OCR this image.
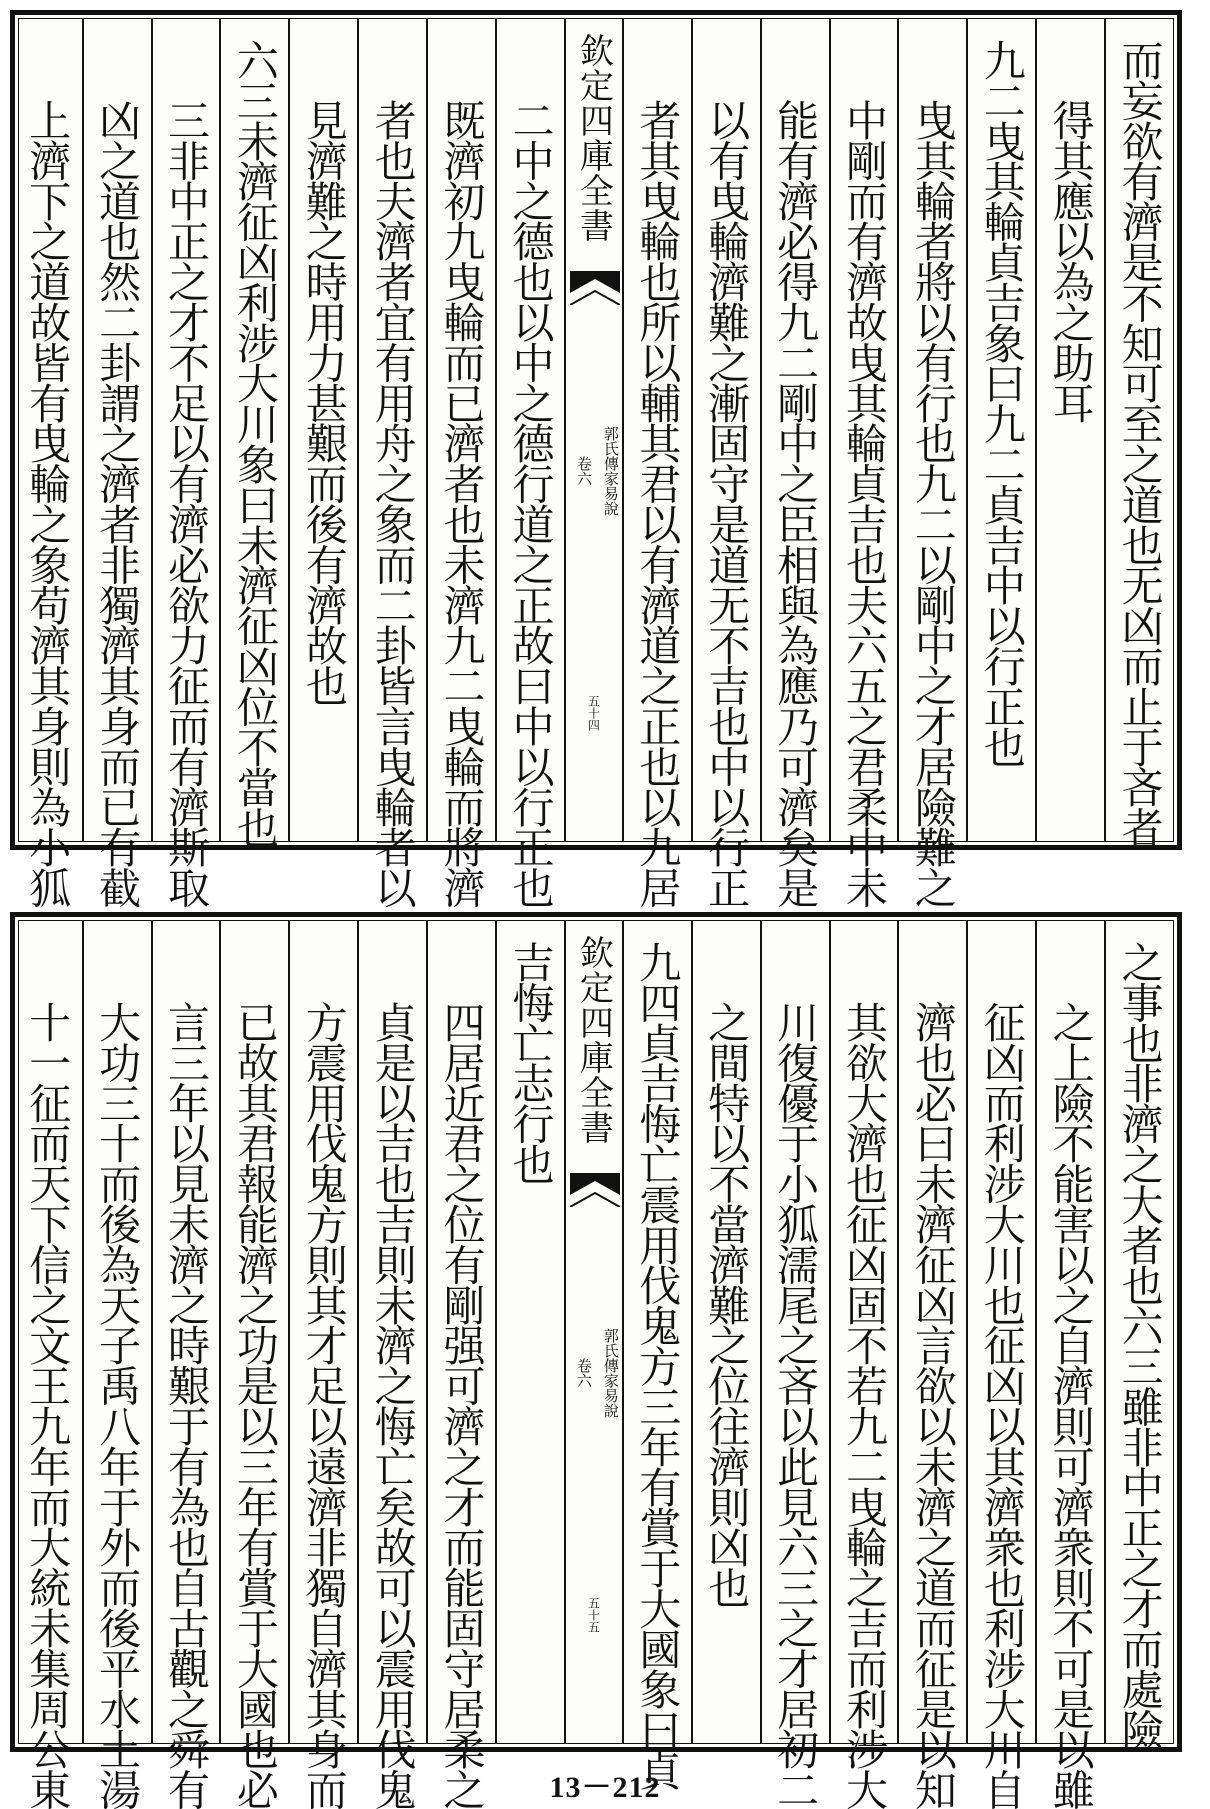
而妄欲有濟是不知可至之道也无凶而止于吝者
得其應以為之助耳
九二曳其輪貞吉象曰九二貞吉中以行正也
曳其輪者將以有行也九二以剛中之才居險難之
中剛而有濟故曳其輪貞吉也夫六五之君柔中未
能有濟必得九二剛中之臣相與為應乃可濟矣是
以有曳輪濟難之漸固守是道无不吉也中以行正
者其曳輪也所以輔其君以有濟道之正也以九居
欽定四庫全書
郭氏傳家易說
卷六
五十四
二中之德也以中之德行道之正故曰中以行正也
既濟初九曳輪而已濟者也未濟九二曳輪而將濟
者也夫濟者宜有用舟之象而二卦皆言曳輪者以
見濟難之時用力甚艱而後有濟故也
六三未濟征凶利涉大川象曰未濟征凶位不當也
三非中正之才不足以有濟必欲力征而有濟斯取
凶之道也然二卦謂之濟者非獨濟其身而已有截
上濟下之道故皆有曳輪之象苟濟其身則為小狐
之事也非濟之大者也六三雖非中正之才而處險
之上險不能害以之自濟則可濟衆則不可是以雖
征凶而利涉大川也征凶以其濟衆也利涉大川自
濟也必曰未濟征凶言欲以未濟之道而征是以知
其欲大濟也征凶固不若九二曳輪之吉而利涉大
川復優于小狐濡尾之吝以此見六三之才居初二
之間特以不當濟難之位往濟則凶也
九四貞吉悔亡震用伐鬼方三年有賞于大國象曰貞
欽定四庫全書
郭氏傳家易說
卷六
五十五
吉悔亡志行也
四居近君之位有剛强可濟之才而能固守居柔之
貞是以吉也吉則未濟之悔亡矣故可以震用伐鬼
方震用伐鬼方則其才足以遠濟非獨自濟其身而
已故其君報能濟之功是以三年有賞于大國也必
言三年以見未濟之時艱于有為也自古觀之舜有
大功三十而後為天子禹八年于外而後平水土湯
十一征而天下信之文王九年而大統未集周公東	13－212
